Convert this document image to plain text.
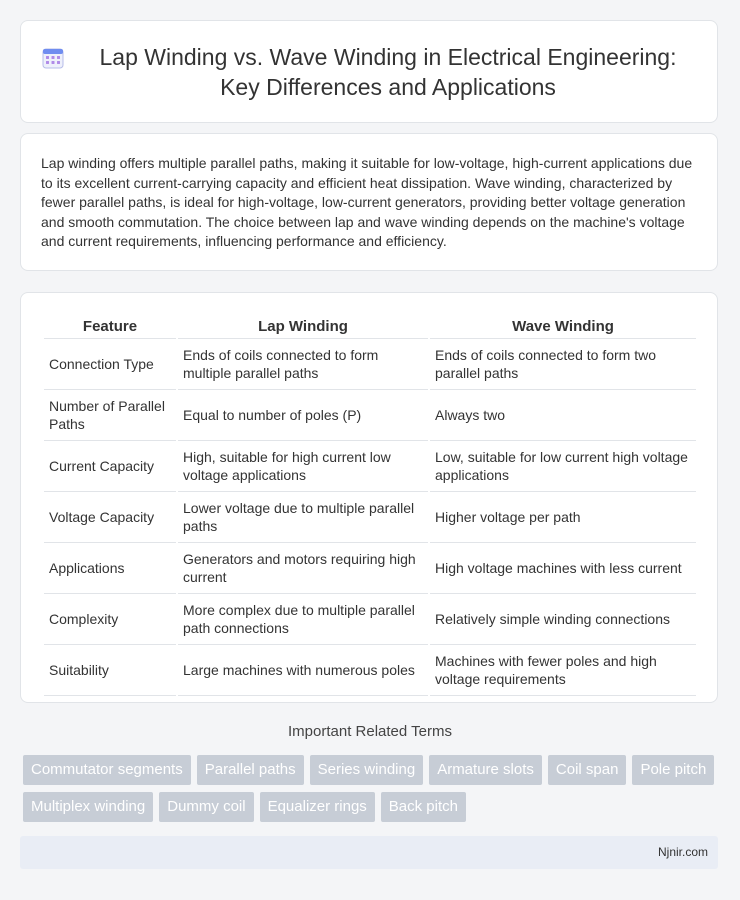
Lap Winding vs. Wave Winding in Electrical Engineering: Key Differences and Applications

Lap winding offers multiple parallel paths, making it suitable for low-voltage, high-current applications due to its excellent current-carrying capacity and efficient heat dissipation. Wave winding, characterized by fewer parallel paths, is ideal for high-voltage, low-current generators, providing better voltage generation and smooth commutation. The choice between lap and wave winding depends on the machine's voltage and current requirements, influencing performance and efficiency.

Feature	Lap Winding	Wave Winding
Connection Type	Ends of coils connected to form multiple parallel paths	Ends of coils connected to form two parallel paths
Number of Parallel Paths	Equal to number of poles (P)	Always two
Current Capacity	High, suitable for high current low voltage applications	Low, suitable for low current high voltage applications
Voltage Capacity	Lower voltage due to multiple parallel paths	Higher voltage per path
Applications	Generators and motors requiring high current	High voltage machines with less current
Complexity	More complex due to multiple parallel path connections	Relatively simple winding connections
Suitability	Large machines with numerous poles	Machines with fewer poles and high voltage requirements
Important Related Terms
Commutator segments	Parallel paths	Series winding	Armature slots	Coil span	Pole pitch
Multiplex winding	Dummy coil	Equalizer rings	Back pitch
Njnir.com
